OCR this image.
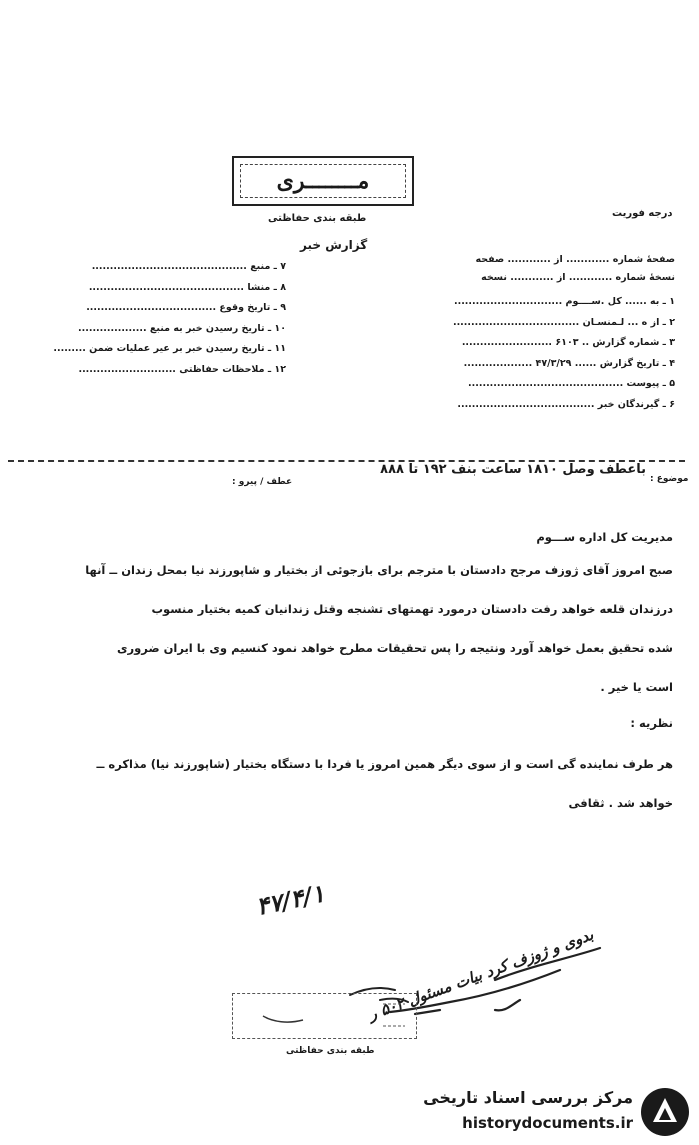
مــــــــرى
طبقه بندی حفاظتی	درجه فوریت
گزارش خبر
صفحهٔ شماره ............ از ............ صفحه
نسخهٔ شماره ............ از ............ نسخه
۱ ـ به ...... کل .ســــوم ..............................
۲ ـ از ه ... لـمنسـان ...................................
۳ ـ شماره گزارش .. ۶۱۰۳ .........................
۴ ـ تاریخ گزارش ...... ۴۷/۳/۲۹ ...................
۵ ـ پیوست ...........................................
۶ ـ گیرندگان خبر ......................................
۷ ـ منبع ...........................................
۸ ـ منشا ...........................................
۹ ـ تاریخ وقوع ....................................
۱۰ ـ تاریخ رسیدن خبر به منبع ...................
۱۱ ـ تاریخ رسیدن خبر بر عیر عملیات ضمن .........
۱۲ ـ ملاحظات حفاظتی ...........................
موضوع :
باعطف وصل ۱۸۱۰ ساعت بنف ۱۹۲ تا ۸۸۸
عطف / پیرو :
مدیریت کل اداره ســـوم
صبح امروز آقای ژوزف مرجح دادستان با مترجم برای بازجوئی از بختیار و شاپورزند نیا بمحل زندان ــ آنها
درزندان قلعه خواهد رفت دادستان درمورد تهمتهای تشنجه وقتل زندانیان کمیه بختیار منسوب
شده تحقیق بعمل خواهد آورد ونتیجه را پس تحقیقات مطرح خواهد نمود کنسیم وی با ایران ضروری
است یا خیر .
نظریه :
هر طرف نماینده گی است و از سوی دیگر همین امروز یا فردا با دستگاه بختیار (شاپورزند نیا) مذاکره ــ
خواهد شد . ثقافی
۴۷/۴/۱
بدوی و ژوزف کرد بیات مسئول ۵۰۲ ر
طبقه بندی حفاظتی
مرکز بررسی اسناد تاریخی
historydocuments.ir
